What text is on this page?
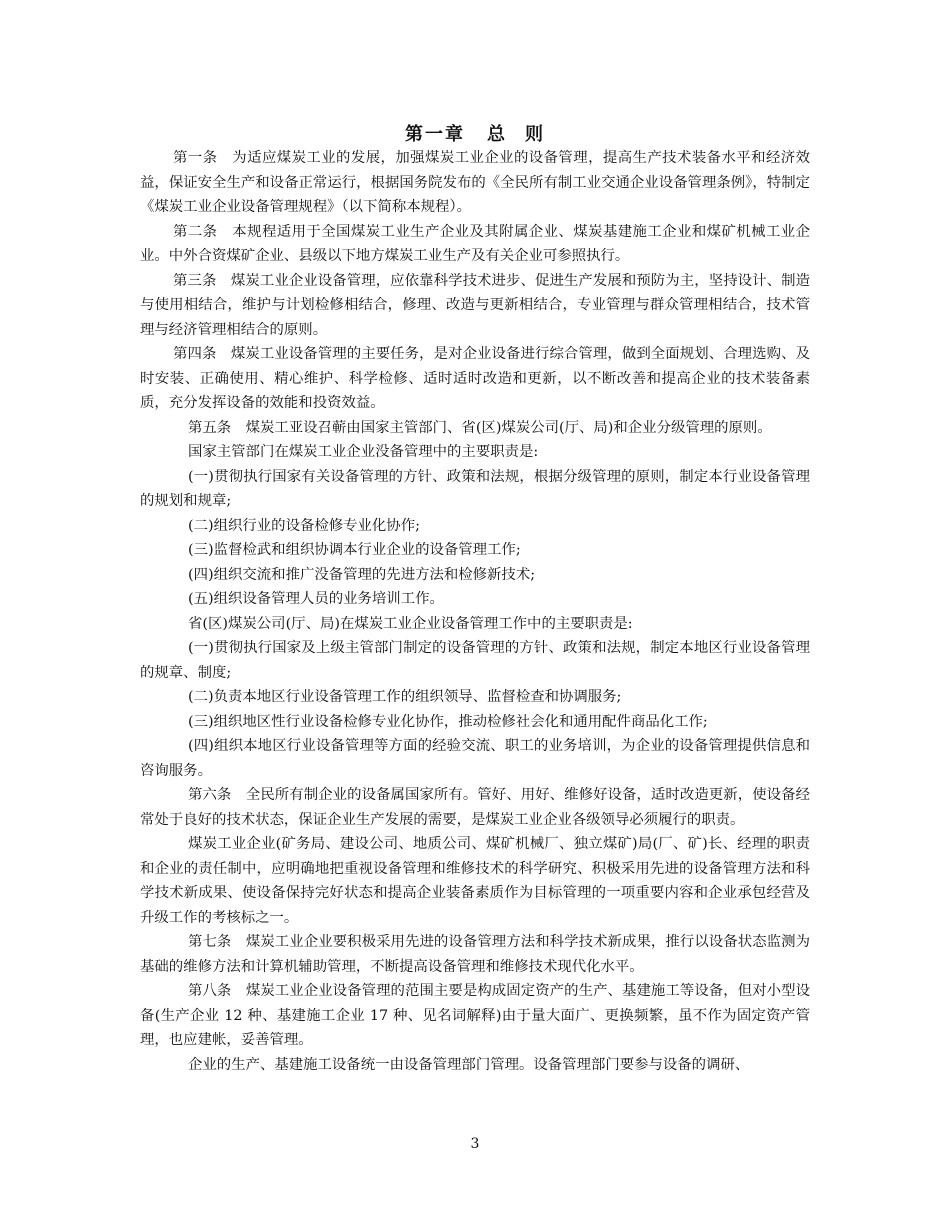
第一章 总 则

第一条　为适应煤炭工业的发展，加强煤炭工业企业的设备管理，提高生产技术装备水平和经济效益，保证安全生产和设备正常运行，根据国务院发布的《全民所有制工业交通企业设备管理条例》，特制定《煤炭工业企业设备管理规程》（以下简称本规程）。

第二条　本规程适用于全国煤炭工业生产企业及其附属企业、煤炭基建施工企业和煤矿机械工业企业。中外合资煤矿企业、县级以下地方煤炭工业生产及有关企业可参照执行。

第三条　煤炭工业企业设备管理，应依靠科学技术进步、促进生产发展和预防为主，坚持设计、制造与使用相结合，维护与计划检修相结合，修理、改造与更新相结合，专业管理与群众管理相结合，技术管理与经济管理相结合的原则。

第四条　煤炭工业设备管理的主要任务，是对企业设备进行综合管理，做到全面规划、合理选购、及时安装、正确使用、精心维护、科学检修、适时适时改造和更新，以不断改善和提高企业的技术装备素质，充分发挥设备的效能和投资效益。

第五条　煤炭工亚设召蕲由国家主管部门、省(区)煤炭公司(厅、局)和企业分级管理的原则。

国家主管部门在煤炭工业企业没备管理中的主要职责是:

(一)贯彻执行国家有关设备管理的方针、政策和法规，根据分级管理的原则，制定本行业设备管理的规划和规章;

(二)组织行业的设备检修专业化协作;

(三)监督检武和组织协调本行业企业的设备管理工作;

(四)组织交流和推广没备管理的先进方法和检修新技术;

(五)组织设备管理人员的业务培训工作。

省(区)煤炭公司(厅、局)在煤炭工业企业设备管理工作中的主要职责是:

(一)贯彻执行国家及上级主管部门制定的设备管理的方针、政策和法规，制定本地区行业设备管理的规章、制度;

(二)负责本地区行业设备管理工作的组织领导、监督检查和协调服务;

(三)组织地区性行业设备检修专业化协作，推动检修社会化和通用配件商品化工作;

(四)组织本地区行业设备管理等方面的经验交流、职工的业务培训，为企业的设备管理提供信息和咨询服务。

第六条　全民所有制企业的设备属国家所有。管好、用好、维修好设备，适时改造更新，使设备经常处于良好的技术状态，保证企业生产发展的需要，是煤炭工业企业各级领导必须履行的职责。

煤炭工业企业(矿务局、建设公司、地质公司、煤矿机械厂、独立煤矿)局(厂、矿)长、经理的职责和企业的责任制中，应明确地把重视设备管理和维修技术的科学研究、积极采用先进的设备管理方法和科学技术新成果、使设备保持完好状态和提高企业装备素质作为目标管理的一项重要内容和企业承包经营及升级工作的考核标之一。

第七条　煤炭工业企业要积极采用先进的设备管理方法和科学技术新成果，推行以设备状态监测为基础的维修方法和计算机辅助管理，不断提高设备管理和维修技术现代化水平。

第八条　煤炭工业企业设备管理的范围主要是构成固定资产的生产、基建施工等设备，但对小型设备(生产企业 12 种、基建施工企业 17 种、见名词解释)由于量大面广、更换频繁，虽不作为固定资产管理，也应建帐，妥善管理。

企业的生产、基建施工设备统一由设备管理部门管理。设备管理部门要参与设备的调研、

3
